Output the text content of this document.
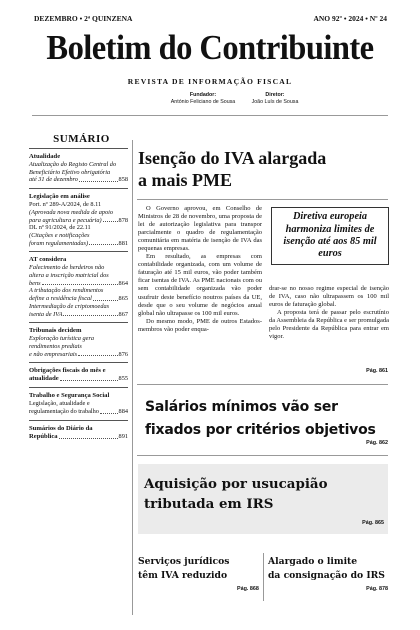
DEZEMBRO • 2ª QUINZENA	ANO 92º • 2024 • Nº 24
Boletim do Contribuinte
REVISTA DE INFORMAÇÃO FISCAL
Fundador:
António Feliciano de Sousa
Diretor:
João Luís de Sousa
SUMÁRIO
Atualidade
Atualização do Registo Central do
Beneficiário Efetivo obrigatória
até 31 de dezembro	858
Legislação em análise
Port. nº 289-A/2024, de 8.11
(Aprovada nova medida de apoio
para agricultura e pecuária)	878
DL nº 91/2024, de 22.11
(Citações e notificações
foram regulamentadas)	881
AT considera
Falecimento de herdeiros não
altera a inscrição matricial dos
bens	864
A tributação dos rendimentos
define a residência fiscal	865
Intermediação de criptomoedas
isenta de IVA	867
Tribunais decidem
Exploração turística gera
rendimentos prediais
e não empresariais	876
Obrigações fiscais do mês e
atualidade	855
Trabalho e Segurança Social
Legislação, atualidade e
regulamentação do trabalho	884
Sumários do Diário da
República	891
Isenção do IVA alargada
a mais PME

O Governo aprovou, em Conselho de Ministros de 28 de novembro, uma proposta de lei de autorização legislativa para transpor parcialmente o quadro de regulamentação comunitária em matéria de isenção de IVA das pequenas empresas.

Em resultado, as empresas com contabilidade organizada, com um volume de faturação até 15 mil euros, vão poder também ficar isentas de IVA. As PME nacionais com ou sem contabilidade organizada vão poder usufruir deste benefício noutros países da UE, desde que o seu volume de negócios anual global não ultrapasse os 100 mil euros.

Do mesmo modo, PME de outros Estados-membros vão poder enqua-

Diretiva europeia harmoniza limites de isenção até aos 85 mil euros

drar-se no nosso regime especial de isenção de IVA, caso não ultrapassem os 100 mil euros de faturação global.

A proposta terá de passar pelo escrutínio da Assembleia da República e ser promulgada pelo Presidente da República para entrar em vigor.

Pág. 861
Salários mínimos vão ser
fixados por critérios objetivos
Pág. 862
Aquisição por usucapião
tributada em IRS
Pág. 865
Serviços jurídicos
têm IVA reduzido
Pág. 868
Alargado o limite
da consignação do IRS
Pág. 878
